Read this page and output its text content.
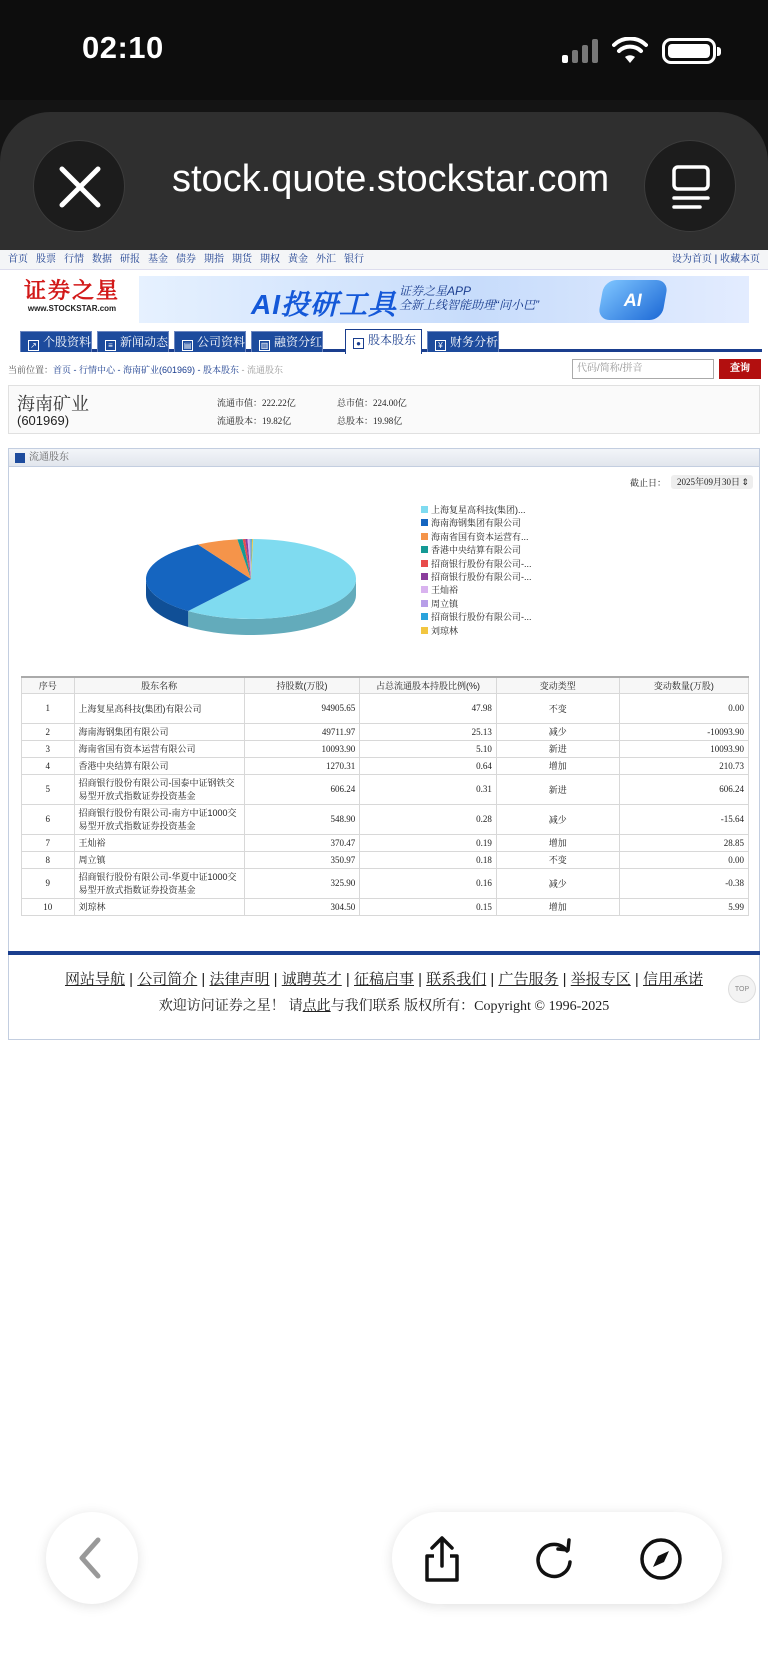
02:10
stock.quote.stockstar.com
首页 股票 行情 数据 研报 基金 债券 期指 期货 期权 黄金 外汇 银行	设为首页 | 收藏本页
证券之星
www.STOCKSTAR.com	AI投研工具 证券之星APP
全新上线智能助理“问小巴”	AI
↗ 个股资料	≡ 新闻动态	▤ 公司资料	▥ 融资分红	● 股本股东	¥ 财务分析
当前位置：首页 - 行情中心 - 海南矿业(601969) - 股本股东 - 流通股东	代码/简称/拼音	查询
海南矿业
(601969)
流通市值：222.22亿	总市值：224.00亿
流通股本：19.82亿	总股本：19.98亿
流通股东
截止日：	2025年09月30日 ⇕
上海复星高科技(集团)...
海南海钢集团有限公司
海南省国有资本运营有...
香港中央结算有限公司
招商银行股份有限公司-...
招商银行股份有限公司-...
王灿裕
周立镇
招商银行股份有限公司-...
刘琼林
序号	股东名称	持股数(万股)	占总流通股本持股比例(%)	变动类型	变动数量(万股)
1	上海复星高科技(集团)有限公司	94905.65	47.98	不变	0.00
2	海南海钢集团有限公司	49711.97	25.13	减少	-10093.90
3	海南省国有资本运营有限公司	10093.90	5.10	新进	10093.90
4	香港中央结算有限公司	1270.31	0.64	增加	210.73
5	招商银行股份有限公司-国泰中证钢铁交易型开放式指数证券投资基金	606.24	0.31	新进	606.24
6	招商银行股份有限公司-南方中证1000交易型开放式指数证券投资基金	548.90	0.28	减少	-15.64
7	王灿裕	370.47	0.19	增加	28.85
8	周立镇	350.97	0.18	不变	0.00
9	招商银行股份有限公司-华夏中证1000交易型开放式指数证券投资基金	325.90	0.16	减少	-0.38
10	刘琼林	304.50	0.15	增加	5.99
网站导航 | 公司简介 | 法律声明 | 诚聘英才 | 征稿启事 | 联系我们 | 广告服务 | 举报专区 | 信用承诺
欢迎访问证券之星！ 请点此与我们联系 版权所有：Copyright © 1996-2025
TOP
